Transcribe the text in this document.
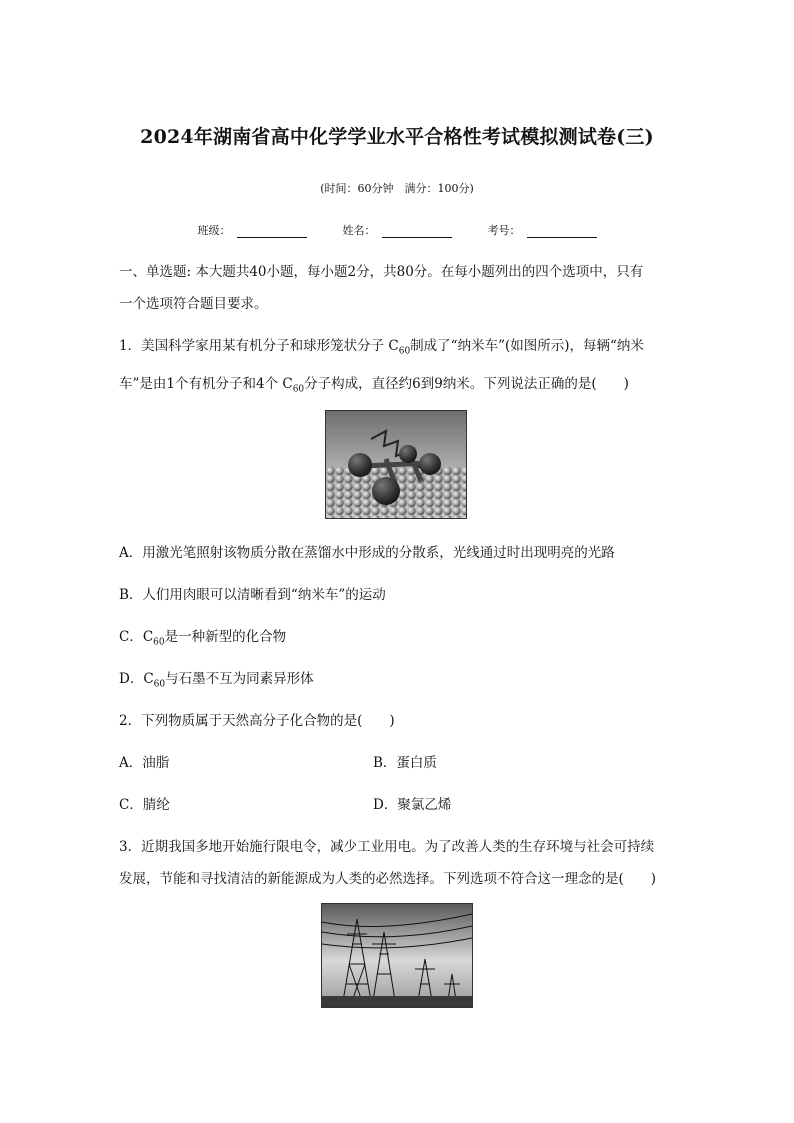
2024年湖南省高中化学学业水平合格性考试模拟测试卷(三)
(时间：60分钟　满分：100分)
班级：	姓名：	考号：
一、单选题: 本大题共40小题，每小题2分，共80分。在每小题列出的四个选项中，只有
一个选项符合题目要求。
1．美国科学家用某有机分子和球形笼状分子 $C_{60}$制成了“纳米车”(如图所示)，每辆“纳米
车”是由1个有机分子和4个 $C_{60}$分子构成，直径约6到9纳米。下列说法正确的是(　　)
A．用激光笔照射该物质分散在蒸馏水中形成的分散系，光线通过时出现明亮的光路
B．人们用肉眼可以清晰看到“纳米车”的运动
C．$C_{60}$是一种新型的化合物
D．$C_{60}$与石墨不互为同素异形体
2．下列物质属于天然高分子化合物的是(　　)
A．油脂	B．蛋白质
C．腈纶	D．聚氯乙烯
3．近期我国多地开始施行限电令，减少工业用电。为了改善人类的生存环境与社会可持续
发展，节能和寻找清洁的新能源成为人类的必然选择。下列选项不符合这一理念的是(　　)
